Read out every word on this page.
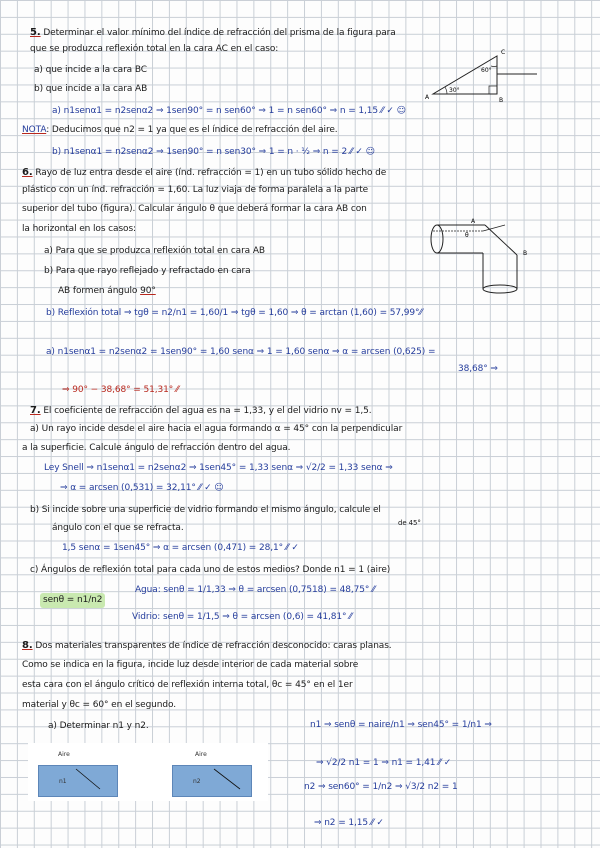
5. Determinar el valor mínimo del índice de refracción del prisma de la figura para
que se produzca reflexión total en la cara AC en el caso:
a) que incide a la cara BC
b) que incide a la cara AB
C
A	B
60°
30°
a) n1senα1 = n2senα2 ⇒ 1sen90° = n sen60° ⇒ 1 = n sen60° ⇒ n = 1,15 ⁄⁄ ✓ ☺
NOTA: Deducimos que n2 = 1 ya que es el índice de refracción del aire.
b) n1senα1 = n2senα2 ⇒ 1sen90° = n sen30° ⇒ 1 = n · ½ ⇒ n = 2 ⁄⁄ ✓ ☺
6. Rayo de luz entra desde el aire (índ. refracción = 1) en un tubo sólido hecho de
plástico con un índ. refracción = 1,60. La luz viaja de forma paralela a la parte
superior del tubo (figura). Calcular ángulo θ que deberá formar la cara AB con
la horizontal en los casos:
a) Para que se produzca reflexión total en cara AB
b) Para que rayo reflejado y refractado en cara
AB formen ángulo 90°
A
B
θ
b) Reflexión total ⇒ tgθ = n2/n1 = 1,60/1 ⇒ tgθ = 1,60 ⇒ θ = arctan (1,60) = 57,99°⁄⁄
a) n1senα1 = n2senα2 = 1sen90° = 1,60 senα ⇒ 1 = 1,60 senα ⇒ α = arcsen (0,625) =
38,68° ⇒
⇒ 90° − 38,68° = 51,31° ⁄⁄
7. El coeficiente de refracción del agua es na = 1,33, y el del vidrio nv = 1,5.
a) Un rayo incide desde el aire hacia el agua formando α = 45° con la perpendicular
a la superficie. Calcule ángulo de refracción dentro del agua.
Ley Snell ⇒ n1senα1 = n2senα2 ⇒ 1sen45° = 1,33 senα ⇒ √2/2 = 1,33 senα ⇒
⇒ α = arcsen (0,531) = 32,11° ⁄⁄ ✓ ☺
b) Si incide sobre una superficie de vidrio formando el mismo ángulo, calcule el
de 45°
ángulo con el que se refracta.
1,5 senα = 1sen45° ⇒ α = arcsen (0,471) = 28,1° ⁄⁄ ✓
c) Ángulos de reflexión total para cada uno de estos medios? Donde n1 = 1 (aire)
senθ = n1/n2
Agua: senθ = 1/1,33 ⇒ θ = arcsen (0,7518) = 48,75° ⁄⁄
Vidrio: senθ = 1/1,5 ⇒ θ = arcsen (0,6) = 41,81° ⁄⁄
8. Dos materiales transparentes de índice de refracción desconocido: caras planas.
Como se indica en la figura, incide luz desde interior de cada material sobre
esta cara con el ángulo crítico de reflexión interna total, θc = 45° en el 1er
material y θc = 60° en el segundo.
a) Determinar n1 y n2.	n1 ⇒ senθ = naire/n1 ⇒ sen45° = 1/n1 ⇒
⇒ √2/2 n1 = 1 ⇒ n1 = 1,41 ⁄⁄ ✓
n2 ⇒ sen60° = 1/n2 ⇒ √3/2 n2 = 1
⇒ n2 = 1,15 ⁄⁄ ✓
Aire	Aire
n1	n2
